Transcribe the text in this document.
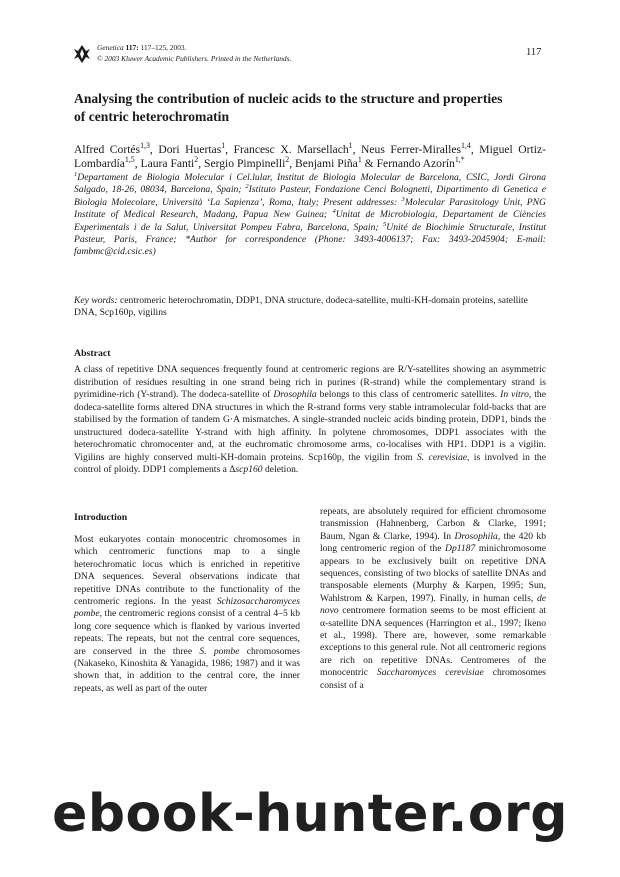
Genetica 117: 117–125, 2003.
© 2003 Kluwer Academic Publishers. Printed in the Netherlands.
117
Analysing the contribution of nucleic acids to the structure and properties of centric heterochromatin
Alfred Cortés$^{1,3}$, Dori Huertas$^1$, Francesc X. Marsellach$^1$, Neus Ferrer-Miralles$^{1,4}$, Miguel Ortiz-Lombardía$^{1,5}$, Laura Fanti$^2$, Sergio Pimpinelli$^2$, Benjami Piña$^1$ & Fernando Azorín$^{1,*}$
$^1$Departament de Biologia Molecular i Cel.lular, Institut de Biologia Molecular de Barcelona, CSIC, Jordi Girona Salgado, 18-26, 08034, Barcelona, Spain; $^2$Istituto Pasteur, Fondazione Cenci Bolognetti, Dipartimento di Genetica e Biologia Molecolare, Università ‘La Sapienza’, Roma, Italy; Present addresses: $^3$Molecular Parasitology Unit, PNG Institute of Medical Research, Madang, Papua New Guinea; $^4$Unitat de Microbiologia, Departament de Ciències Experimentals i de la Salut, Universitat Pompeu Fabra, Barcelona, Spain; $^5$Unité de Biochimie Structurale, Institut Pasteur, Paris, France; *Author for correspondence (Phone: 3493-4006137; Fax: 3493-2045904; E-mail: fambmc@cid.csic.es)
Key words: centromeric heterochromatin, DDP1, DNA structure, dodeca-satellite, multi-KH-domain proteins, satellite DNA, Scp160p, vigilins
Abstract
A class of repetitive DNA sequences frequently found at centromeric regions are R/Y-satellites showing an asymmetric distribution of residues resulting in one strand being rich in purines (R-strand) while the complementary strand is pyrimidine-rich (Y-strand). The dodeca-satellite of Drosophila belongs to this class of centromeric satellites. In vitro, the dodeca-satellite forms altered DNA structures in which the R-strand forms very stable intramolecular fold-backs that are stabilised by the formation of tandem G·A mismatches. A single-stranded nucleic acids binding protein, DDP1, binds the unstructured dodeca-satellite Y-strand with high affinity. In polytene chromosomes, DDP1 associates with the heterochromatic chromocenter and, at the euchromatic chromosome arms, co-localises with HP1. DDP1 is a vigilin. Vigilins are highly conserved multi-KH-domain proteins. Scp160p, the vigilin from S. cerevisiae, is involved in the control of ploidy. DDP1 complements a Δscp160 deletion.
Introduction
Most eukaryotes contain monocentric chromosomes in which centromeric functions map to a single heterochromatic locus which is enriched in repetitive DNA sequences. Several observations indicate that repetitive DNAs contribute to the functionality of the centromeric regions. In the yeast Schizosaccharomyces pombe, the centromeric regions consist of a central 4–5 kb long core sequence which is flanked by various inverted repeats. The repeats, but not the central core sequences, are conserved in the three S. pombe chromosomes (Nakaseko, Kinoshita & Yanagida, 1986; 1987) and it was shown that, in addition to the central core, the inner repeats, as well as part of the outer
repeats, are absolutely required for efficient chromosome transmission (Hahnenberg, Carbon & Clarke, 1991; Baum, Ngan & Clarke, 1994). In Drosophila, the 420 kb long centromeric region of the Dp1187 minichromosome appears to be exclusively built on repetitive DNA sequences, consisting of two blocks of satellite DNAs and transposable elements (Murphy & Karpen, 1995; Sun, Wahlstrom & Karpen, 1997). Finally, in human cells, de novo centromere formation seems to be most efficient at α-satellite DNA sequences (Harrington et al., 1997; Ikeno et al., 1998). There are, however, some remarkable exceptions to this general rule. Not all centromeric regions are rich on repetitive DNAs. Centromeres of the monocentric Saccharomyces cerevisiae chromosomes consist of a
ebook-hunter.org
